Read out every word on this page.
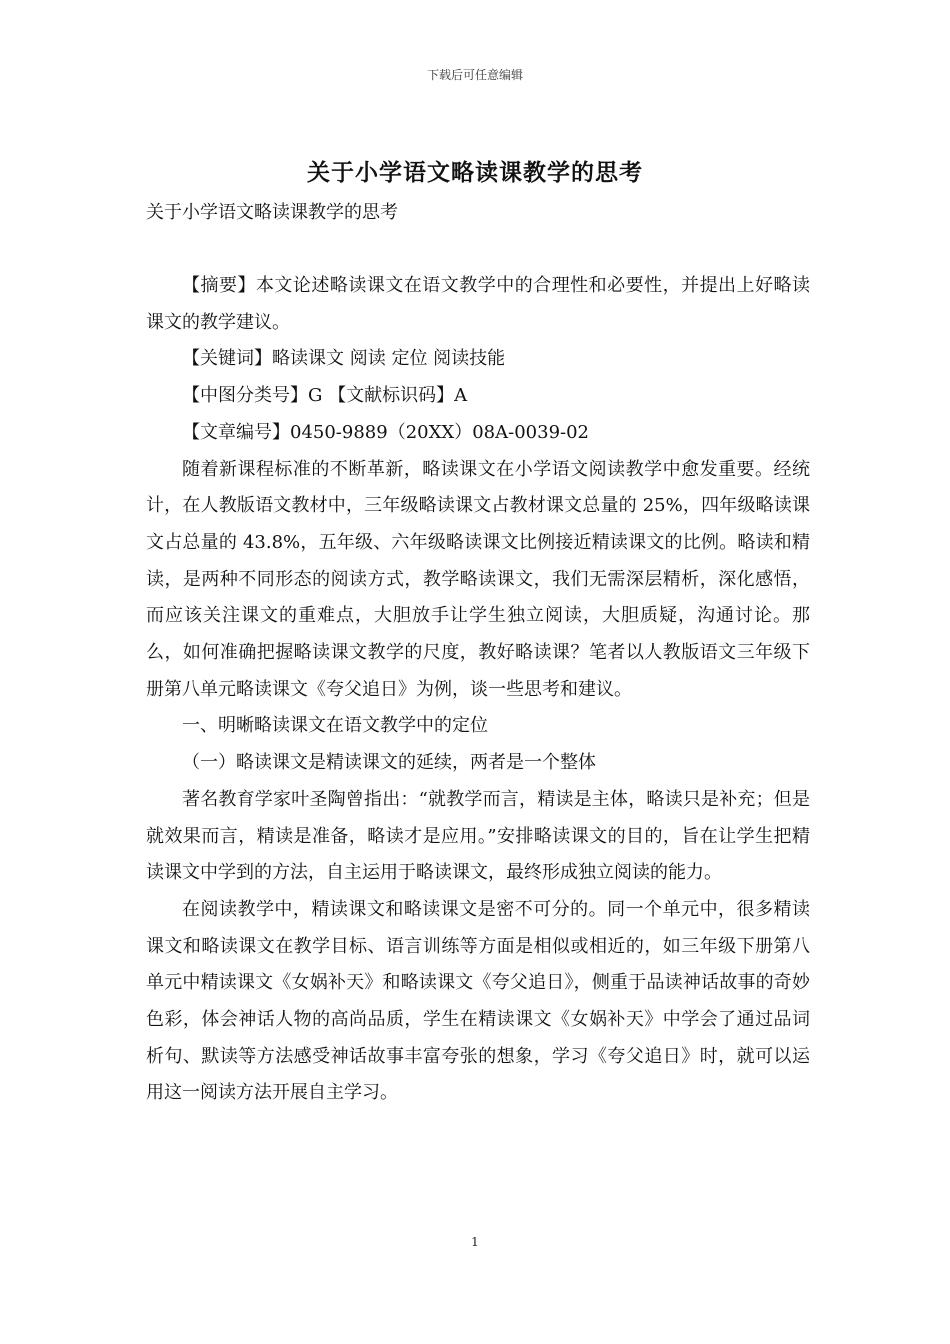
下载后可任意编辑
关于小学语文略读课教学的思考
关于小学语文略读课教学的思考

【摘要】本文论述略读课文在语文教学中的合理性和必要性，并提出上好略读课文的教学建议。

【关键词】略读课文 阅读 定位 阅读技能

【中图分类号】G 【文献标识码】A

【文章编号】0450-9889（20XX）08A-0039-02

随着新课程标准的不断革新，略读课文在小学语文阅读教学中愈发重要。经统计，在人教版语文教材中，三年级略读课文占教材课文总量的 25%，四年级略读课文占总量的 43.8%，五年级、六年级略读课文比例接近精读课文的比例。略读和精读，是两种不同形态的阅读方式，教学略读课文，我们无需深层精析，深化感悟，而应该关注课文的重难点，大胆放手让学生独立阅读，大胆质疑，沟通讨论。那么，如何准确把握略读课文教学的尺度，教好略读课？笔者以人教版语文三年级下册第八单元略读课文《夸父追日》为例，谈一些思考和建议。

一、明晰略读课文在语文教学中的定位

（一）略读课文是精读课文的延续，两者是一个整体

著名教育学家叶圣陶曾指出：“就教学而言，精读是主体，略读只是补充；但是就效果而言，精读是准备，略读才是应用。”安排略读课文的目的，旨在让学生把精读课文中学到的方法，自主运用于略读课文，最终形成独立阅读的能力。

在阅读教学中，精读课文和略读课文是密不可分的。同一个单元中，很多精读课文和略读课文在教学目标、语言训练等方面是相似或相近的，如三年级下册第八单元中精读课文《女娲补天》和略读课文《夸父追日》，侧重于品读神话故事的奇妙色彩，体会神话人物的高尚品质，学生在精读课文《女娲补天》中学会了通过品词析句、默读等方法感受神话故事丰富夸张的想象，学习《夸父追日》时，就可以运用这一阅读方法开展自主学习。

1
